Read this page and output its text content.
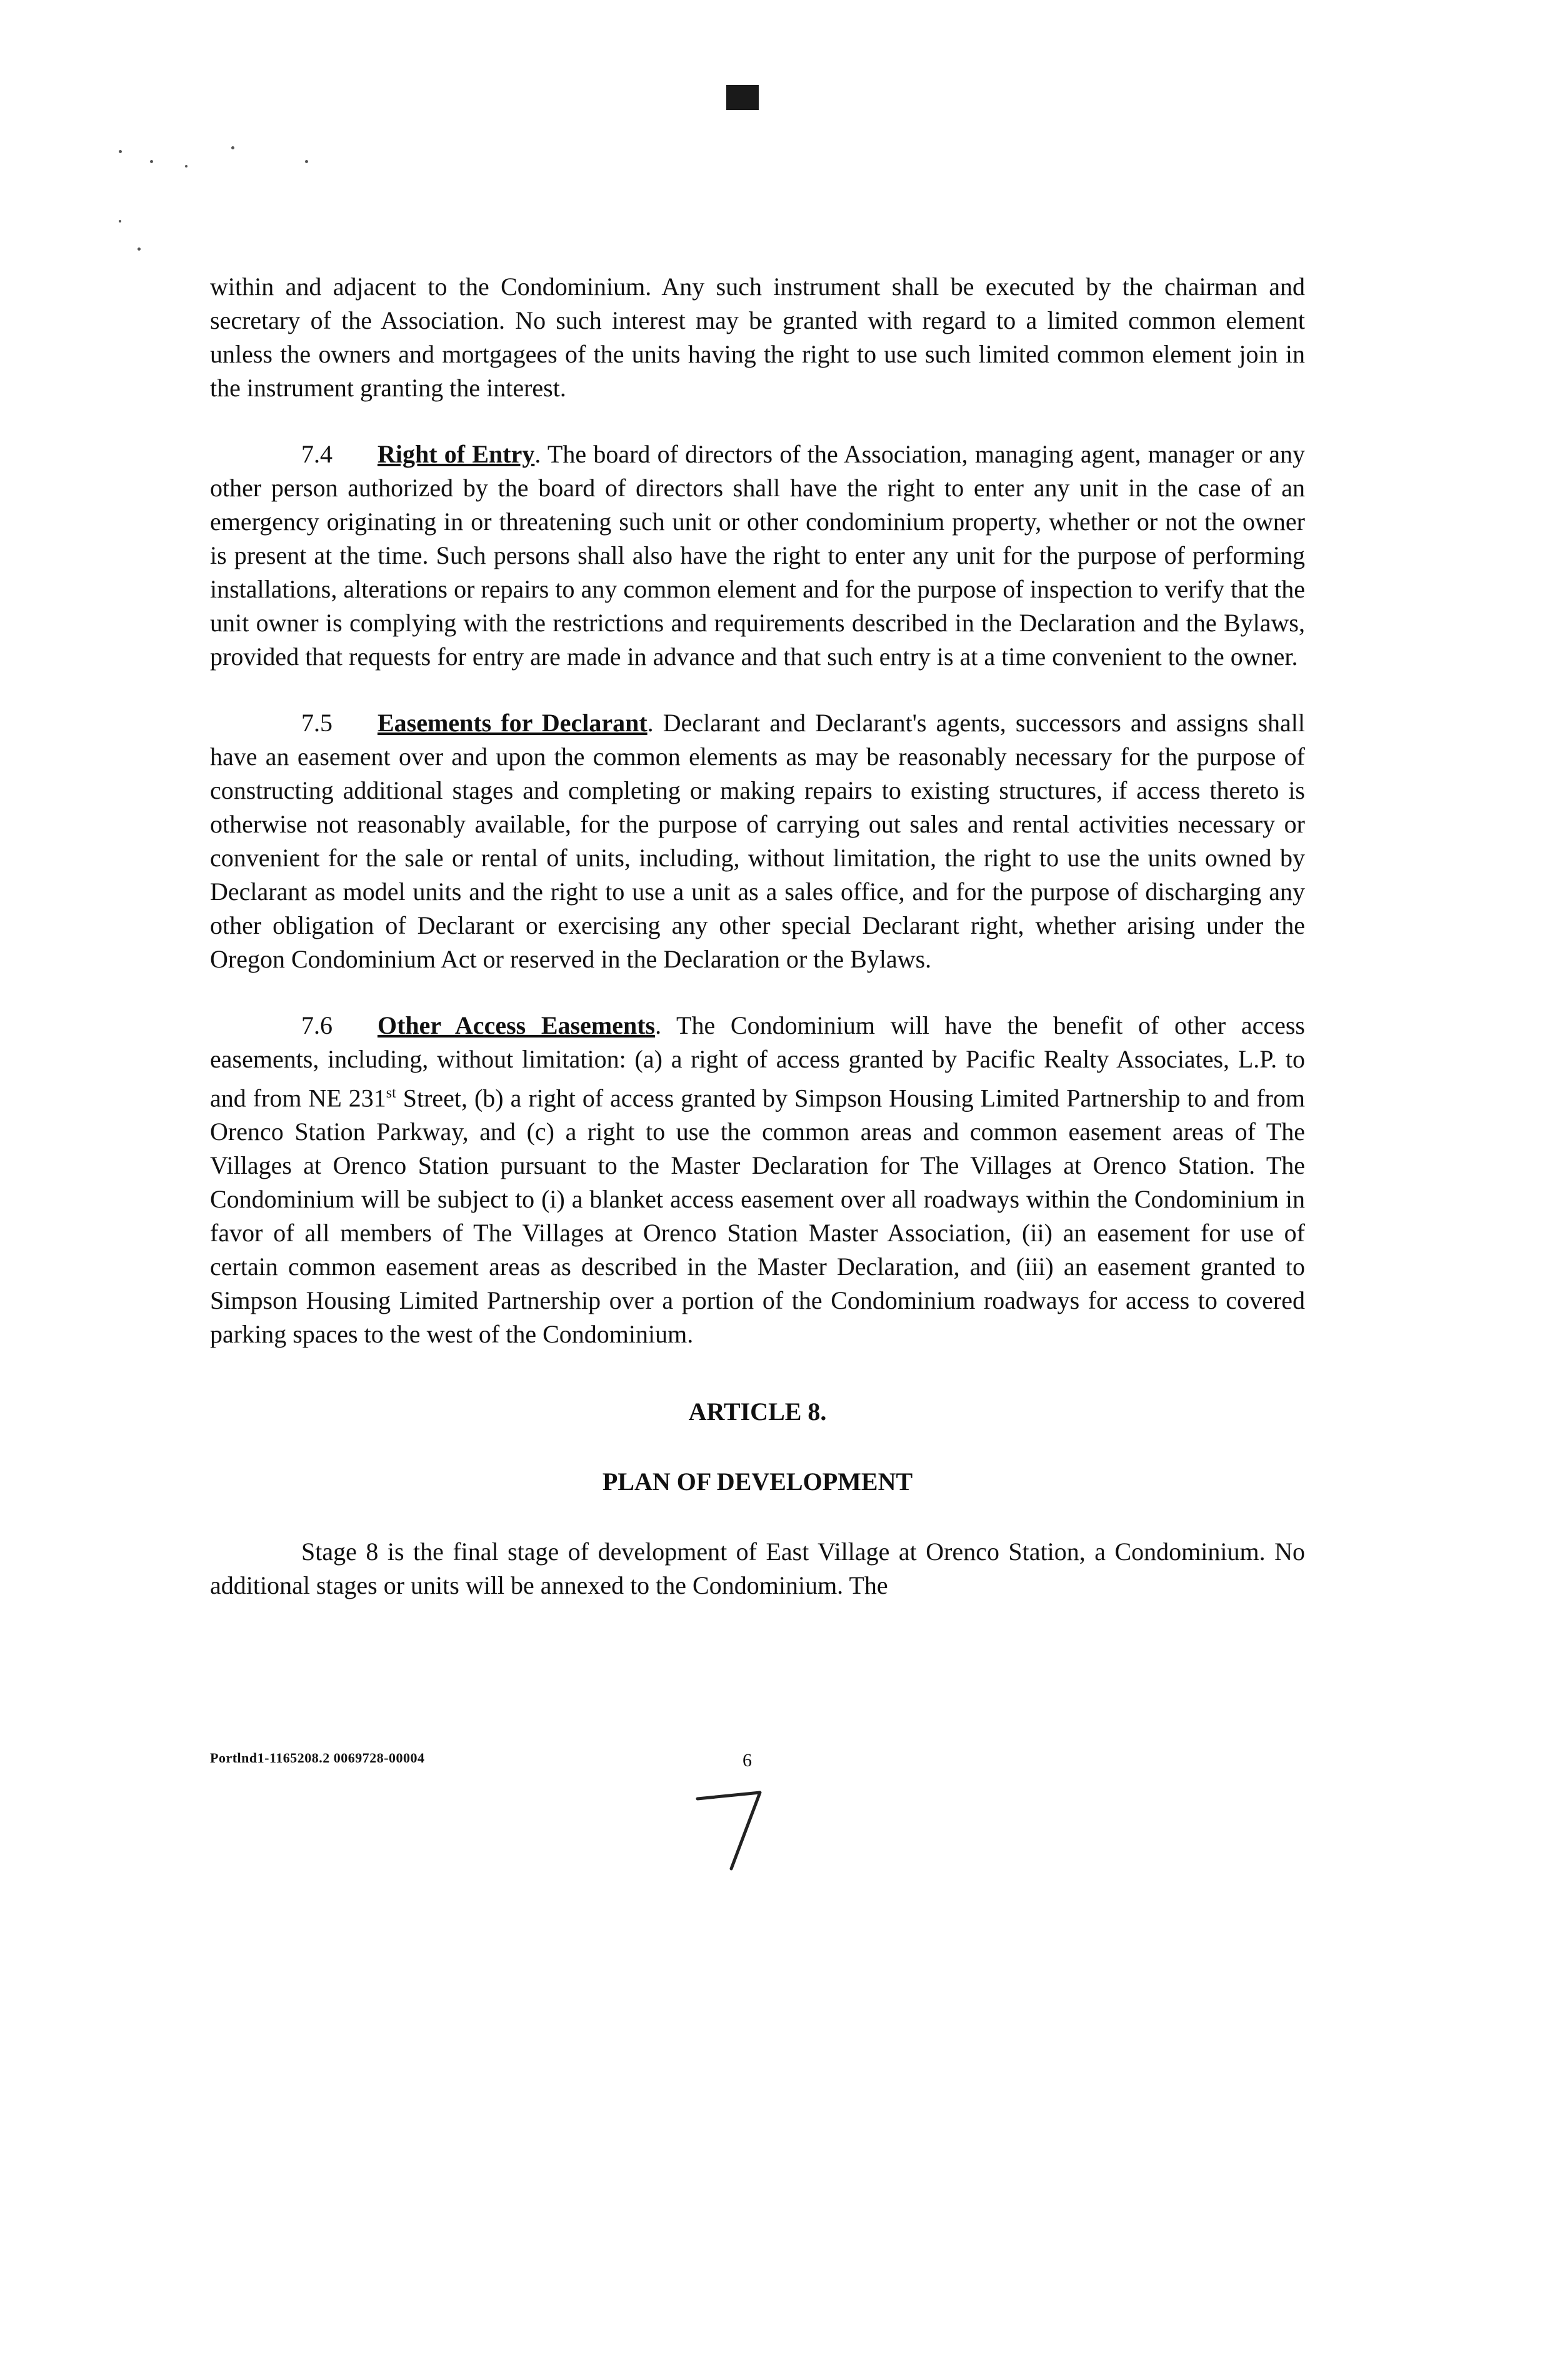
within and adjacent to the Condominium. Any such instrument shall be executed by the chairman and secretary of the Association. No such interest may be granted with regard to a limited common element unless the owners and mortgagees of the units having the right to use such limited common element join in the instrument granting the interest.

7.4 Right of Entry. The board of directors of the Association, managing agent, manager or any other person authorized by the board of directors shall have the right to enter any unit in the case of an emergency originating in or threatening such unit or other condominium property, whether or not the owner is present at the time. Such persons shall also have the right to enter any unit for the purpose of performing installations, alterations or repairs to any common element and for the purpose of inspection to verify that the unit owner is complying with the restrictions and requirements described in the Declaration and the Bylaws, provided that requests for entry are made in advance and that such entry is at a time convenient to the owner.

7.5 Easements for Declarant. Declarant and Declarant's agents, successors and assigns shall have an easement over and upon the common elements as may be reasonably necessary for the purpose of constructing additional stages and completing or making repairs to existing structures, if access thereto is otherwise not reasonably available, for the purpose of carrying out sales and rental activities necessary or convenient for the sale or rental of units, including, without limitation, the right to use the units owned by Declarant as model units and the right to use a unit as a sales office, and for the purpose of discharging any other obligation of Declarant or exercising any other special Declarant right, whether arising under the Oregon Condominium Act or reserved in the Declaration or the Bylaws.

7.6 Other Access Easements. The Condominium will have the benefit of other access easements, including, without limitation: (a) a right of access granted by Pacific Realty Associates, L.P. to and from NE 231st Street, (b) a right of access granted by Simpson Housing Limited Partnership to and from Orenco Station Parkway, and (c) a right to use the common areas and common easement areas of The Villages at Orenco Station pursuant to the Master Declaration for The Villages at Orenco Station. The Condominium will be subject to (i) a blanket access easement over all roadways within the Condominium in favor of all members of The Villages at Orenco Station Master Association, (ii) an easement for use of certain common easement areas as described in the Master Declaration, and (iii) an easement granted to Simpson Housing Limited Partnership over a portion of the Condominium roadways for access to covered parking spaces to the west of the Condominium.

ARTICLE 8.

PLAN OF DEVELOPMENT

Stage 8 is the final stage of development of East Village at Orenco Station, a Condominium. No additional stages or units will be annexed to the Condominium. The

Portlnd1-1165208.2 0069728-00004	6
